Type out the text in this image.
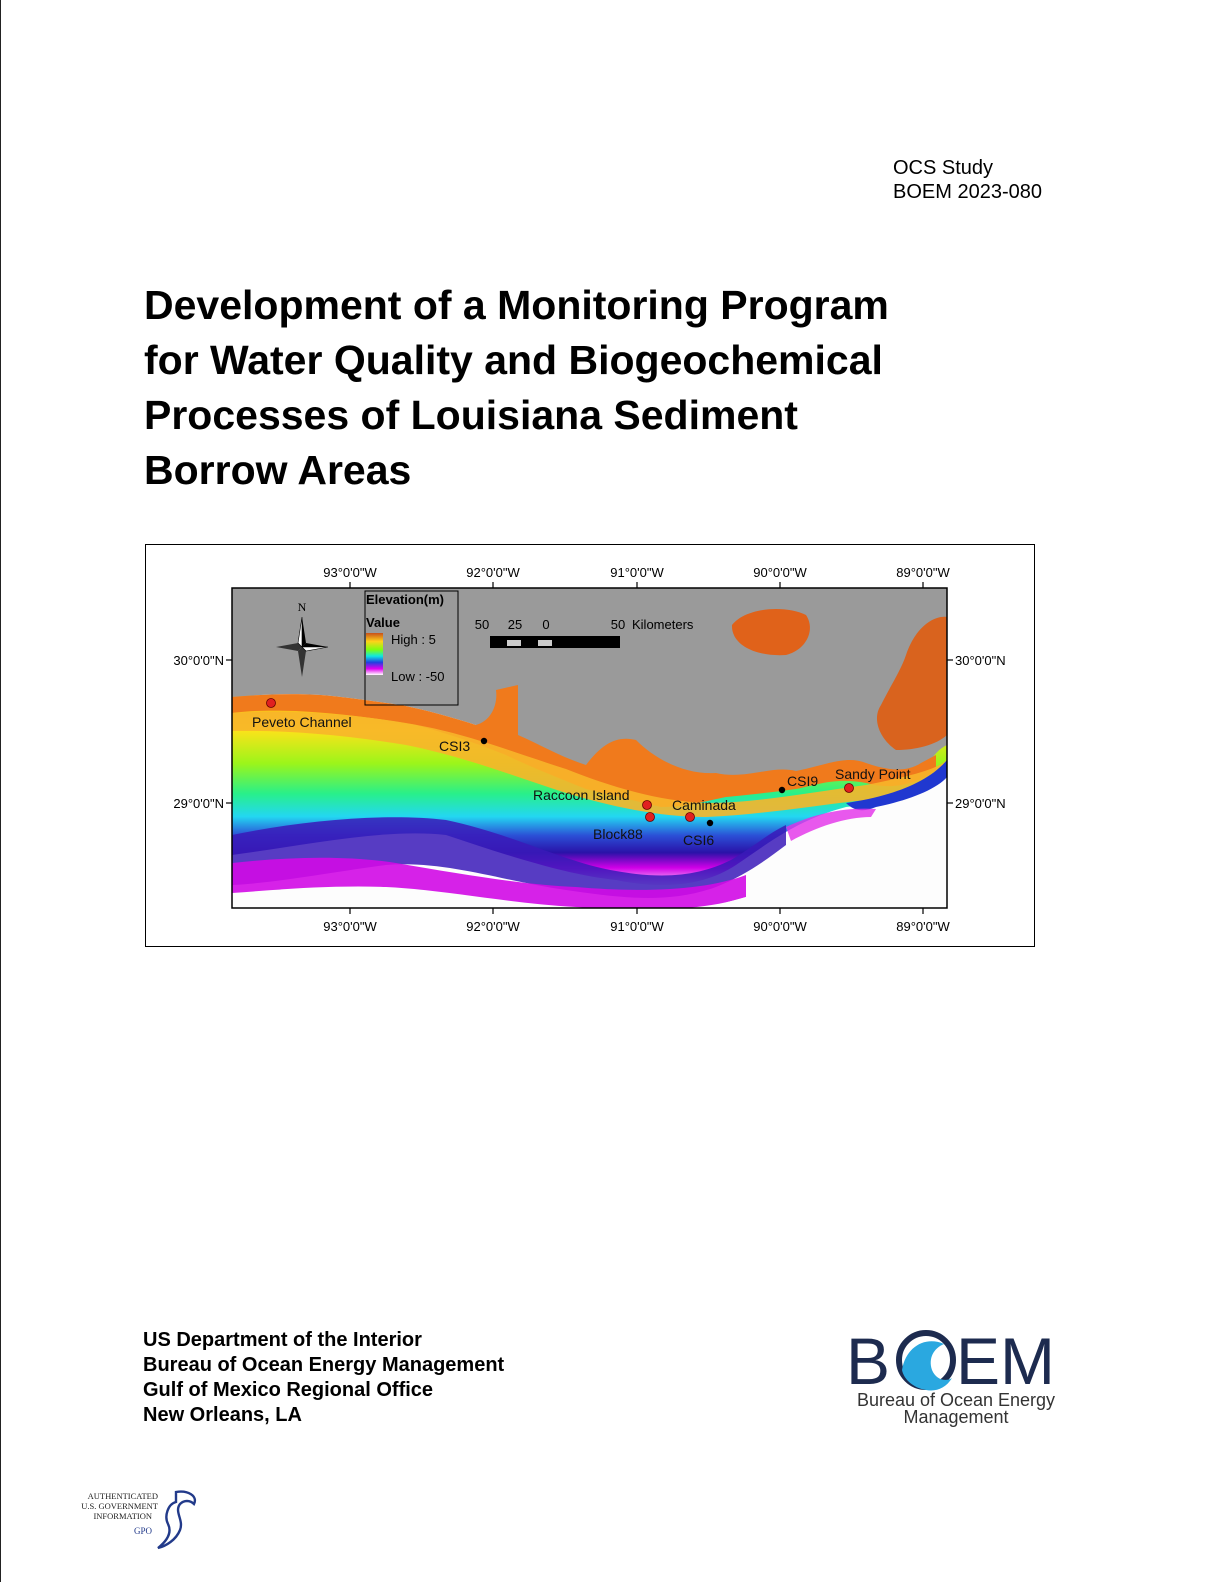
OCS Study
BOEM 2023-080
Development of a Monitoring Program
for Water Quality and Biogeochemical
Processes of Louisiana Sediment
Borrow Areas
93°0'0"W	92°0'0"W	91°0'0"W	90°0'0"W	89°0'0"W
93°0'0"W	92°0'0"W	91°0'0"W	90°0'0"W	89°0'0"W
30°0'0"N
29°0'0"N
30°0'0"N
29°0'0"N
N	Elevation(m)
Value
High : 5
Low : -50
50 25 0	50 Kilometers
Peveto Channel
CSI3
Raccoon Island
Block88
Caminada
CSI6
CSI9 Sandy Point
US Department of the Interior
Bureau of Ocean Energy Management
Gulf of Mexico Regional Office
New Orleans, LA
B EM
Bureau of Ocean Energy
Management
AUTHENTICATED
U.S. GOVERNMENT
INFORMATION
GPO
